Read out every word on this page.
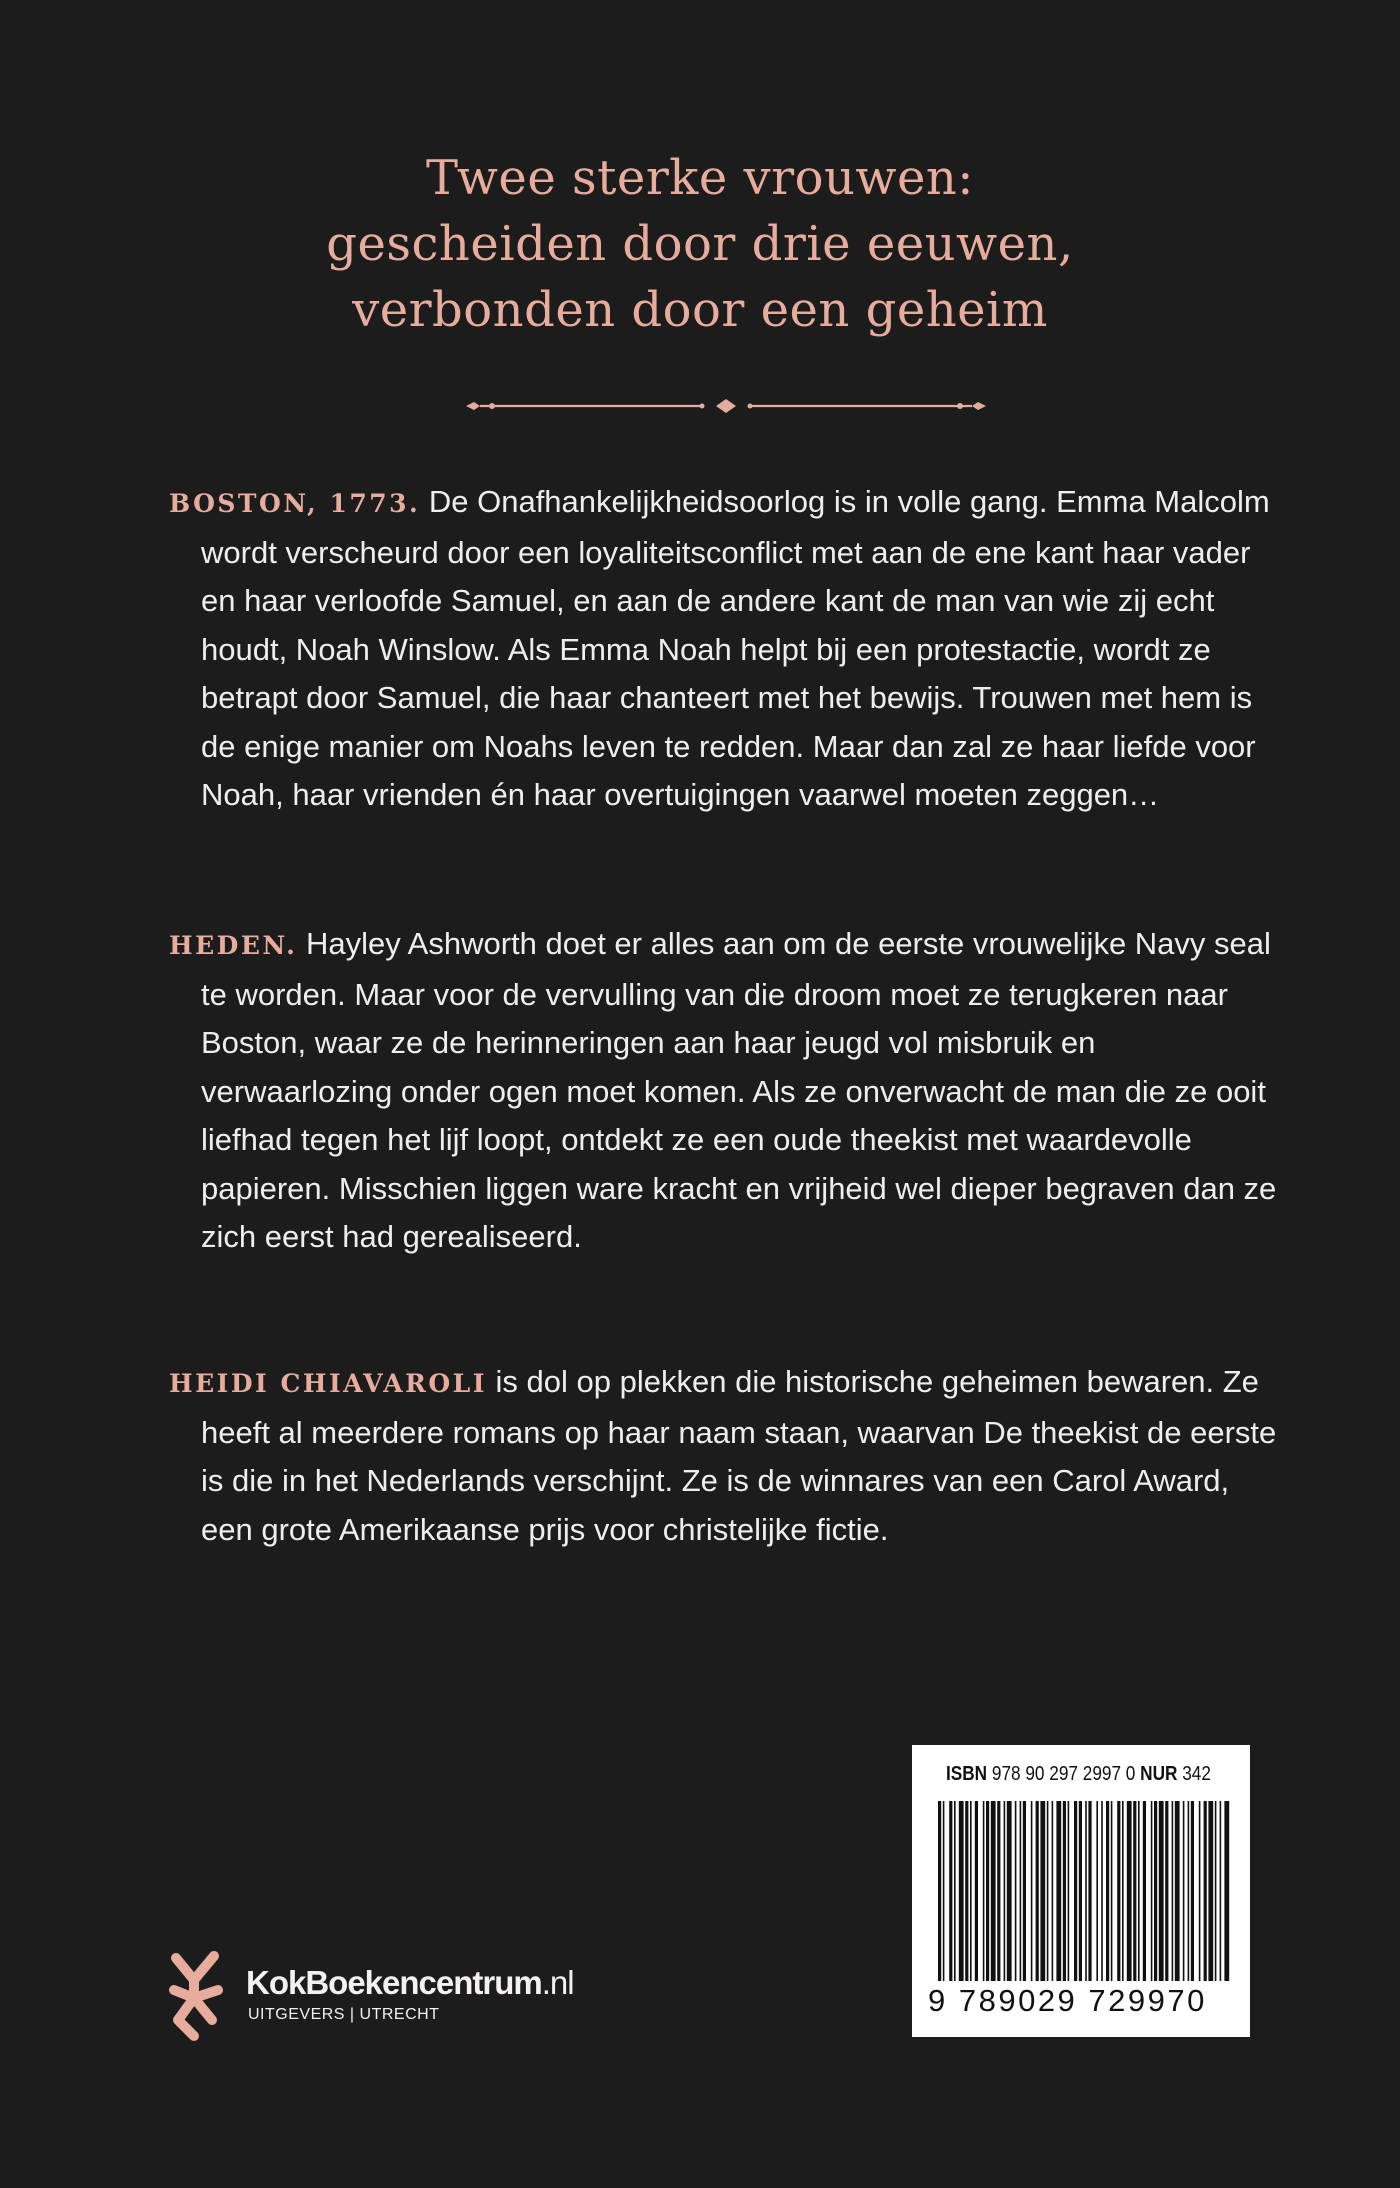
Twee sterke vrouwen:
gescheiden door drie eeuwen,
verbonden door een geheim

BOSTON, 1773. De Onafhankelijkheidsoorlog is in volle gang. Emma Malcolm wordt verscheurd door een loyaliteitsconflict met aan de ene kant haar vader en haar verloofde Samuel, en aan de andere kant de man van wie zij echt houdt, Noah Winslow. Als Emma Noah helpt bij een protestactie, wordt ze betrapt door Samuel, die haar chanteert met het bewijs. Trouwen met hem is de enige manier om Noahs leven te redden. Maar dan zal ze haar liefde voor Noah, haar vrienden én haar overtuigingen vaarwel moeten zeggen…

HEDEN. Hayley Ashworth doet er alles aan om de eerste vrouwelijke Navy seal te worden. Maar voor de vervulling van die droom moet ze terugkeren naar Boston, waar ze de herinneringen aan haar jeugd vol misbruik en verwaarlozing onder ogen moet komen. Als ze onverwacht de man die ze ooit liefhad tegen het lijf loopt, ontdekt ze een oude theekist met waardevolle papieren. Misschien liggen ware kracht en vrijheid wel dieper begraven dan ze zich eerst had gerealiseerd.

HEIDI CHIAVAROLI is dol op plekken die historische geheimen bewaren. Ze heeft al meerdere romans op haar naam staan, waarvan De theekist de eerste is die in het Nederlands verschijnt. Ze is de winnares van een Carol Award, een grote Amerikaanse prijs voor christelijke fictie.

KokBoekencentrum.nl
UITGEVERS | UTRECHT
ISBN 978 90 297 2997 0 NUR 342
9 789029 729970
